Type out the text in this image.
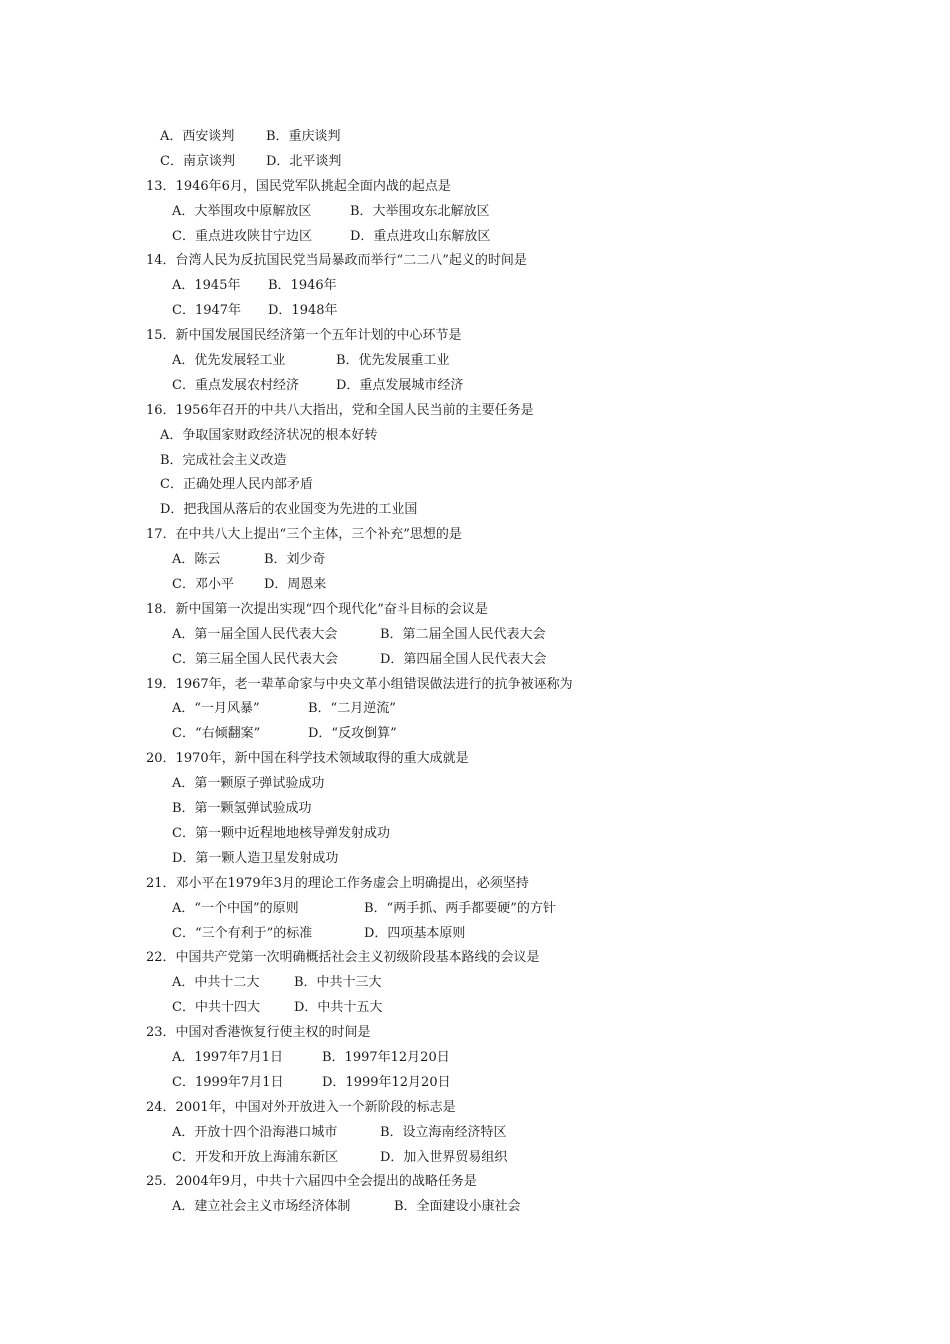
A．西安谈判 B．重庆谈判
C．南京谈判 D．北平谈判
13．1946年6月，国民党军队挑起全面内战的起点是
A．大举围攻中原解放区	B．大举围攻东北解放区
C．重点进攻陕甘宁边区	D．重点进攻山东解放区
14．台湾人民为反抗国民党当局暴政而举行“二二八”起义的时间是
A．1945年 B．1946年
C．1947年 D．1948年
15．新中国发展国民经济第一个五年计划的中心环节是
A．优先发展轻工业	B．优先发展重工业
C．重点发展农村经济	D．重点发展城市经济
16．1956年召开的中共八大指出，党和全国人民当前的主要任务是
A．争取国家财政经济状况的根本好转
B．完成社会主义改造
C．正确处理人民内部矛盾
D．把我国从落后的农业国变为先进的工业国
17．在中共八大上提出“三个主体，三个补充”思想的是
A．陈云	B．刘少奇
C．邓小平 D．周恩来
18．新中国第一次提出实现“四个现代化”奋斗目标的会议是
A．第一届全国人民代表大会	B．第二届全国人民代表大会
C．第三届全国人民代表大会	D．第四届全国人民代表大会
19．1967年，老一辈革命家与中央文革小组错误做法进行的抗争被诬称为
A．“一月风暴”	B．“二月逆流”
C．“右倾翻案”	D．“反攻倒算”
20．1970年，新中国在科学技术领域取得的重大成就是
A．第一颗原子弹试验成功
B．第一颗氢弹试验成功
C．第一颗中近程地地核导弹发射成功
D．第一颗人造卫星发射成功
21．邓小平在1979年3月的理论工作务虚会上明确提出，必须坚持
A．“一个中国”的原则	B．“两手抓、两手都要硬”的方针
C．“三个有利于”的标准	D．四项基本原则
22．中国共产党第一次明确概括社会主义初级阶段基本路线的会议是
A．中共十二大	B．中共十三大
C．中共十四大	D．中共十五大
23．中国对香港恢复行使主权的时间是
A．1997年7月1日	B．1997年12月20日
C．1999年7月1日	D．1999年12月20日
24．2001年，中国对外开放进入一个新阶段的标志是
A．开放十四个沿海港口城市	B．设立海南经济特区
C．开发和开放上海浦东新区	D．加入世界贸易组织
25．2004年9月，中共十六届四中全会提出的战略任务是
A．建立社会主义市场经济体制	B．全面建设小康社会
